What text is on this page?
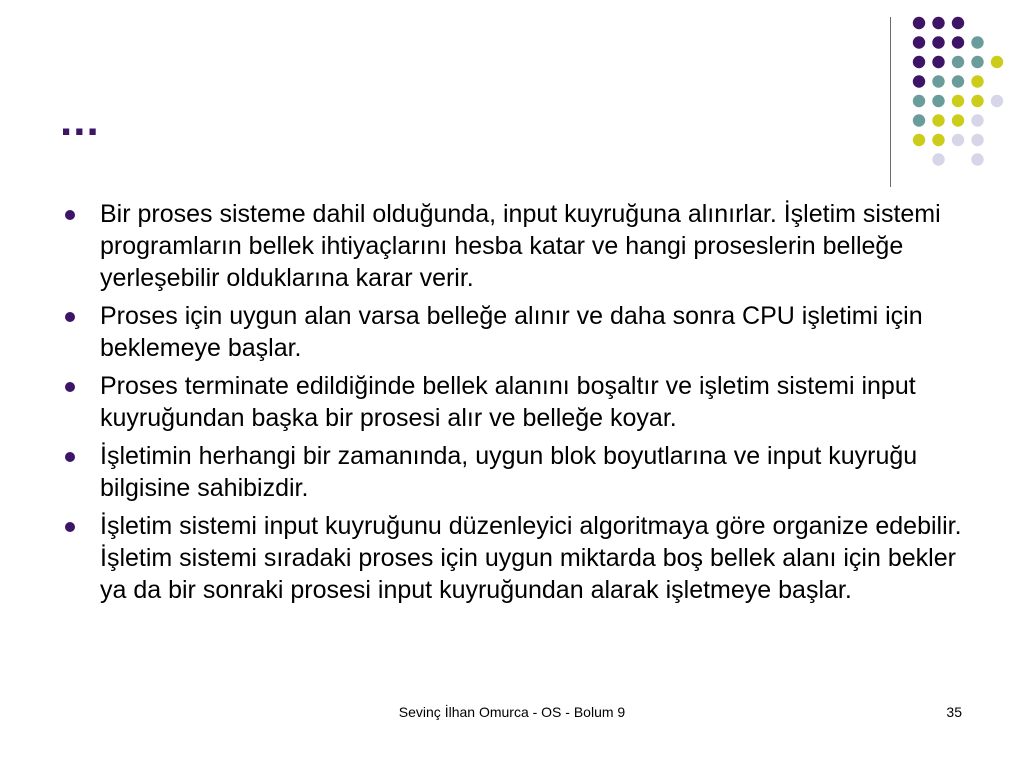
...
Bir proses sisteme dahil olduğunda, input kuyruğuna alınırlar. İşletim sistemi programların bellek ihtiyaçlarını hesba katar ve hangi proseslerin belleğe yerleşebilir olduklarına karar verir.
Proses için uygun alan varsa belleğe alınır ve daha sonra CPU işletimi için beklemeye başlar.
Proses terminate edildiğinde bellek alanını boşaltır ve işletim sistemi input kuyruğundan başka bir prosesi alır ve belleğe koyar.
İşletimin herhangi bir zamanında, uygun blok boyutlarına ve input kuyruğu bilgisine sahibizdir.
İşletim sistemi input kuyruğunu düzenleyici algoritmaya göre organize edebilir. İşletim sistemi sıradaki proses için uygun miktarda boş bellek alanı için bekler ya da bir sonraki prosesi input kuyruğundan alarak işletmeye başlar.
Sevinç İlhan Omurca - OS - Bolum 9	35
